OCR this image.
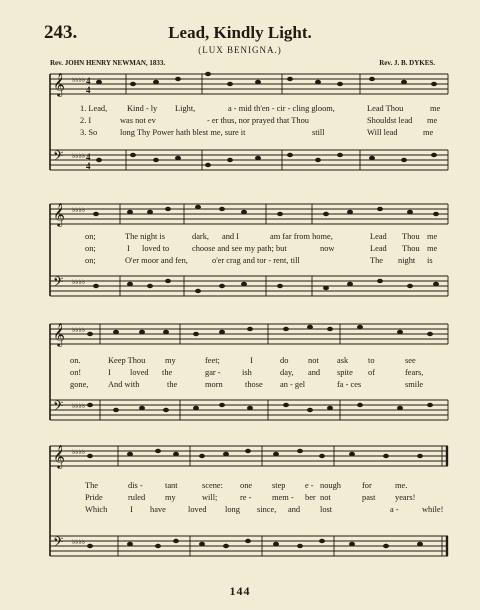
243.	Lead, Kindly Light.
(LUX BENIGNA.)
Rev. JOHN HENRY NEWMAN, 1833.	Rev. J. B. DYKES.
𝄞
𝄢
♭♭♭♭
♭♭♭♭
4
4
4
4
1. Lead, Kind - ly Light,	a - mid th'en - cir - cling gloom,	Lead Thou	me
2. I	was not ev	- er thus, nor prayed that Thou	Shouldst lead me
3. So	long Thy Power hath blest me, sure it	still	Will lead	me
𝄞
𝄢
♭♭♭♭
♭♭♭♭
on;	The night is	dark, and I	am far from home,	Lead Thou me
on;	I loved to	choose and see my path; but	now	Lead Thou me
on;	O'er moor and fen,	o'er crag and tor - rent, till	The night is
𝄞
𝄢
♭♭♭♭
♭♭♭♭
on.	Keep Thou my	feet;	I	do not ask to	see
on!	I loved the	gar -	ish	day, and spite of	fears,
gone, And with	the	morn	those an - gel	fa - ces	smile
𝄞
𝄢
♭♭♭♭
♭♭♭♭
The	dis -	tant	scene: one step e - nough	for	me.
Pride	ruled my	will;	re - mem - ber not	past years!
Which	I have	loved long since, and lost	a -	while!
144
